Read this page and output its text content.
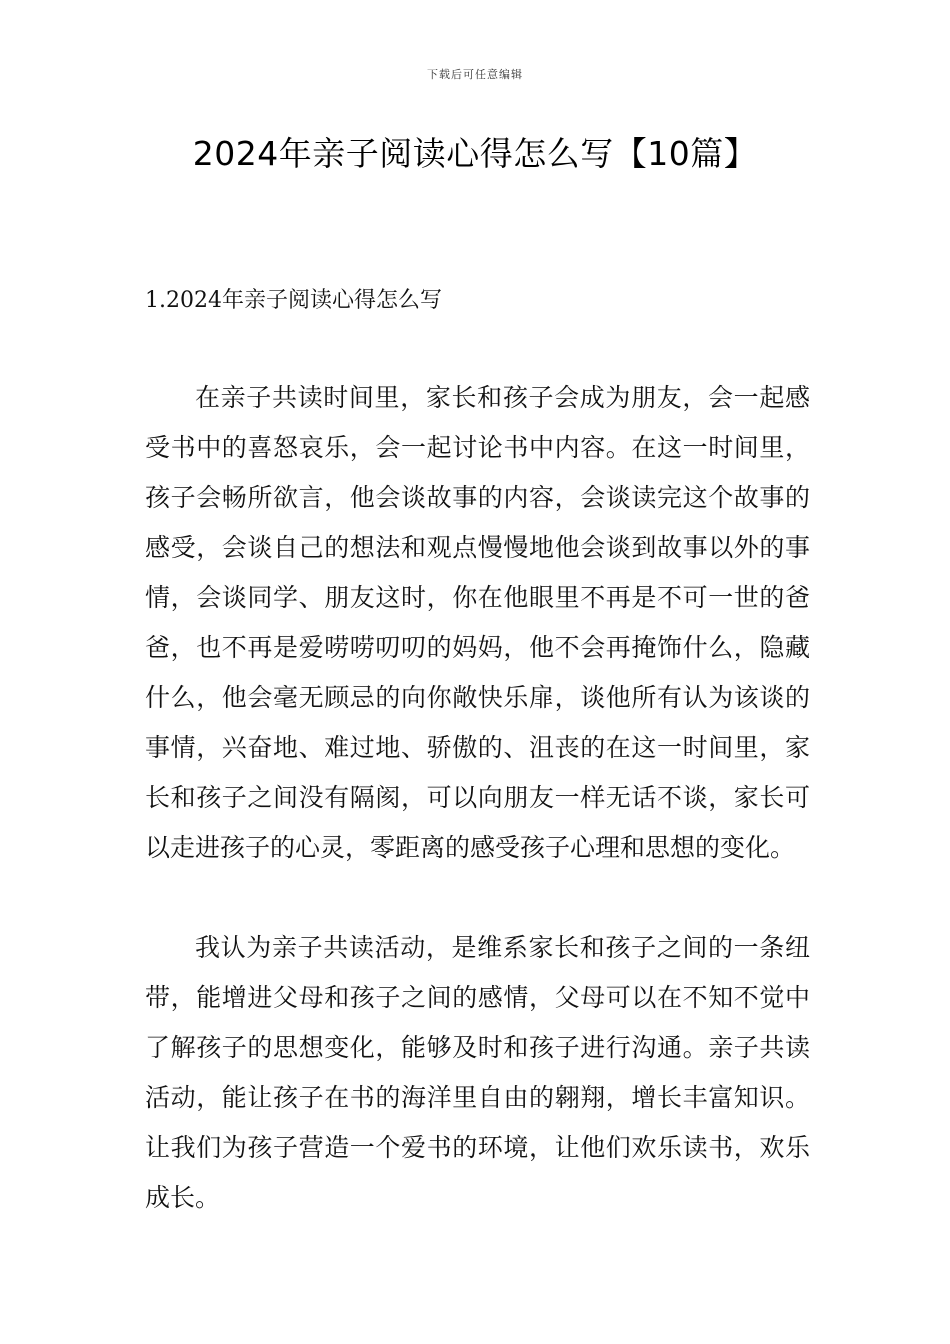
下载后可任意编辑
2024年亲子阅读心得怎么写【10篇】
1.2024年亲子阅读心得怎么写

在亲子共读时间里，家长和孩子会成为朋友，会一起感受书中的喜怒哀乐，会一起讨论书中内容。在这一时间里，孩子会畅所欲言，他会谈故事的内容，会谈读完这个故事的感受，会谈自己的想法和观点慢慢地他会谈到故事以外的事情，会谈同学、朋友这时，你在他眼里不再是不可一世的爸爸，也不再是爱唠唠叨叨的妈妈，他不会再掩饰什么，隐藏什么，他会毫无顾忌的向你敞快乐扉，谈他所有认为该谈的事情，兴奋地、难过地、骄傲的、沮丧的在这一时间里，家长和孩子之间没有隔阂，可以向朋友一样无话不谈，家长可以走进孩子的心灵，零距离的感受孩子心理和思想的变化。

我认为亲子共读活动，是维系家长和孩子之间的一条纽带，能增进父母和孩子之间的感情，父母可以在不知不觉中了解孩子的思想变化，能够及时和孩子进行沟通。亲子共读活动，能让孩子在书的海洋里自由的翱翔，增长丰富知识。让我们为孩子营造一个爱书的环境，让他们欢乐读书，欢乐成长。
